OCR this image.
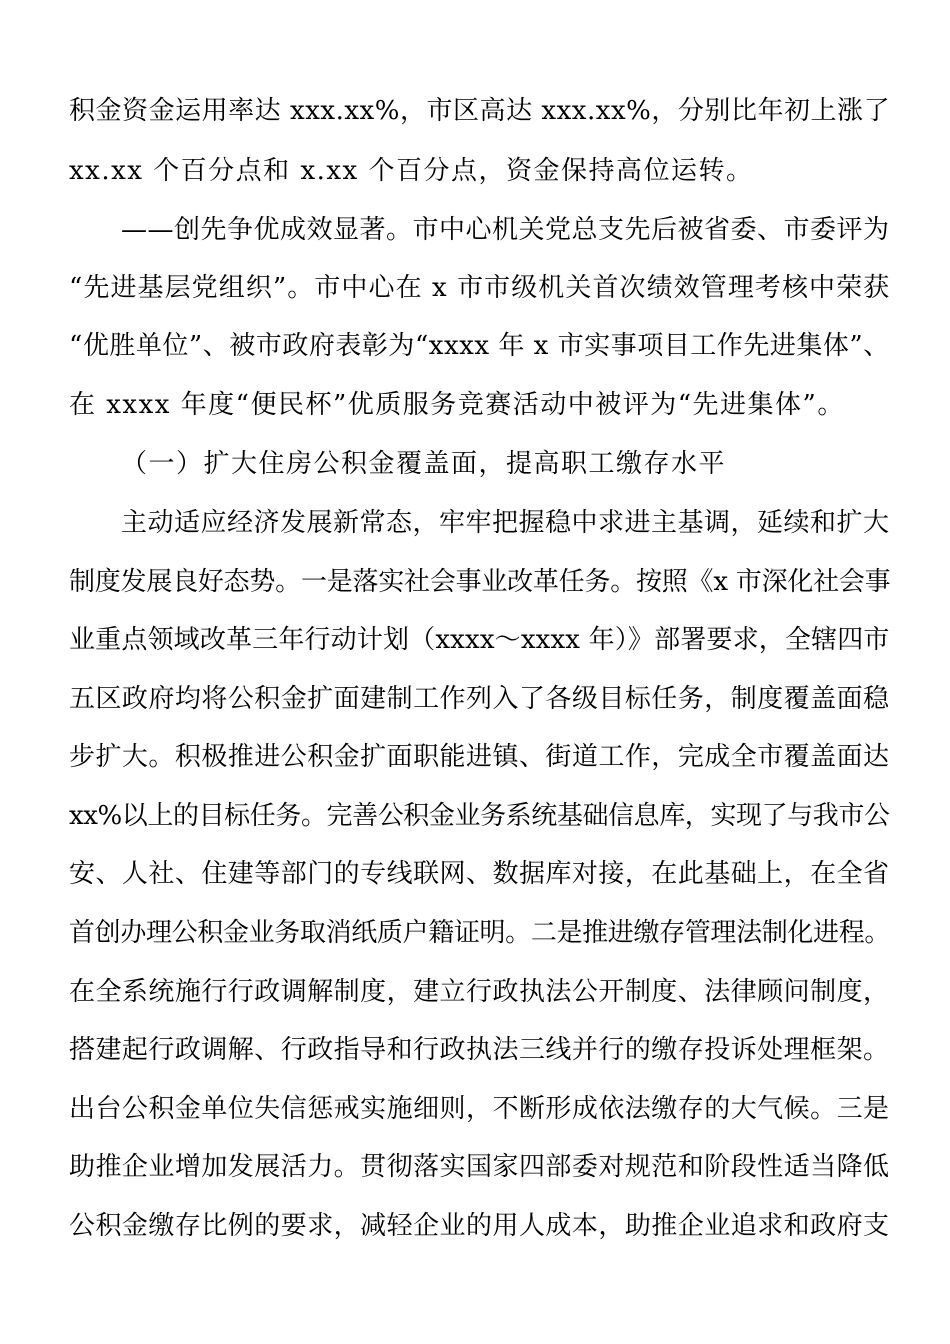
积金资金运用率达 xxx.xx%，市区高达 xxx.xx%，分别比年初上涨了
xx.xx 个百分点和 x.xx 个百分点，资金保持高位运转。
——创先争优成效显著。市中心机关党总支先后被省委、市委评为
“先进基层党组织”。市中心在 x 市市级机关首次绩效管理考核中荣获
“优胜单位”、被市政府表彰为“xxxx 年 x 市实事项目工作先进集体”、
在 xxxx 年度“便民杯”优质服务竞赛活动中被评为“先进集体”。
（一）扩大住房公积金覆盖面，提高职工缴存水平
主动适应经济发展新常态，牢牢把握稳中求进主基调，延续和扩大
制度发展良好态势。一是落实社会事业改革任务。按照《x 市深化社会事
业重点领域改革三年行动计划（xxxx～xxxx 年）》部署要求，全辖四市
五区政府均将公积金扩面建制工作列入了各级目标任务，制度覆盖面稳
步扩大。积极推进公积金扩面职能进镇、街道工作，完成全市覆盖面达
xx%以上的目标任务。完善公积金业务系统基础信息库，实现了与我市公
安、人社、住建等部门的专线联网、数据库对接，在此基础上，在全省
首创办理公积金业务取消纸质户籍证明。二是推进缴存管理法制化进程。
在全系统施行行政调解制度，建立行政执法公开制度、法律顾问制度，
搭建起行政调解、行政指导和行政执法三线并行的缴存投诉处理框架。
出台公积金单位失信惩戒实施细则，不断形成依法缴存的大气候。三是
助推企业增加发展活力。贯彻落实国家四部委对规范和阶段性适当降低
公积金缴存比例的要求，减轻企业的用人成本，助推企业追求和政府支
